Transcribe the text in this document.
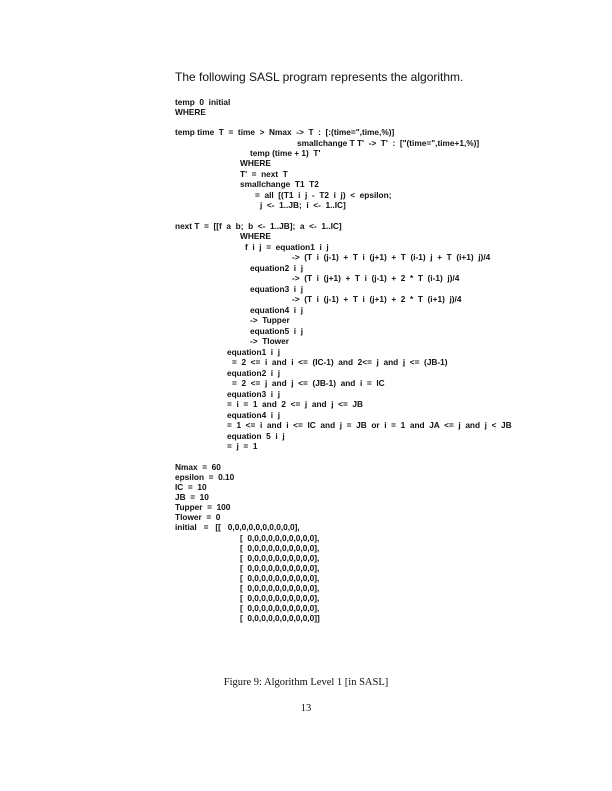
The following SASL program represents the algorithm.
temp  0  initial
WHERE
temp time  T  =  time  >  Nmax  ->  T  :  [:(time=",time,%)]
smallchange T T'  ->  T'  :  ["(time=",time+1,%)]
temp (time + 1)  T'
WHERE
T'  =  next  T
smallchange  T1  T2
=  all  [(T1  i  j  -  T2  i  j)  <  epsilon;
j  <-  1..JB;  i  <-  1..IC]
next T  =  [[f  a  b;  b  <-  1..JB];  a  <-  1..IC]
WHERE
f  i  j  =  equation1  i  j
->  (T  i  (j-1)  +  T  i  (j+1)  +  T  (i-1)  j  +  T  (i+1)  j)/4
equation2  i  j
->  (T  i  (j+1)  +  T  i  (j-1)  +  2  *  T  (i-1)  j)/4
equation3  i  j
->  (T  i  (j-1)  +  T  i  (j+1)  +  2  *  T  (i+1)  j)/4
equation4  i  j
->  Tupper
equation5  i  j
->  Tlower
equation1  i  j
=  2  <=  i  and  i  <=  (IC-1)  and  2<=  j  and  j  <=  (JB-1)
equation2  i  j
=  2  <=  j  and  j  <=  (JB-1)  and  i  =  IC
equation3  i  j
=  i  =  1  and  2  <=  j  and  j  <=  JB
equation4  i  j
=  1  <=  i  and  i  <=  IC  and  j  =  JB  or  i  =  1  and  JA  <=  j  and  j  <  JB
equation  5  i  j
=  j  =  1
Nmax  =  60
epsilon  =  0.10
IC  =  10
JB  =  10
Tupper  =  100
Tlower  =  0
initial   =   [[   0,0,0,0,0,0,0,0,0,0],
[  0,0,0,0,0,0,0,0,0,0],
[  0,0,0,0,0,0,0,0,0,0],
[  0,0,0,0,0,0,0,0,0,0],
[  0,0,0,0,0,0,0,0,0,0],
[  0,0,0,0,0,0,0,0,0,0],
[  0,0,0,0,0,0,0,0,0,0],
[  0,0,0,0,0,0,0,0,0,0],
[  0,0,0,0,0,0,0,0,0,0],
[  0,0,0,0,0,0,0,0,0,0]]
Figure 9: Algorithm Level 1 [in SASL]
13
